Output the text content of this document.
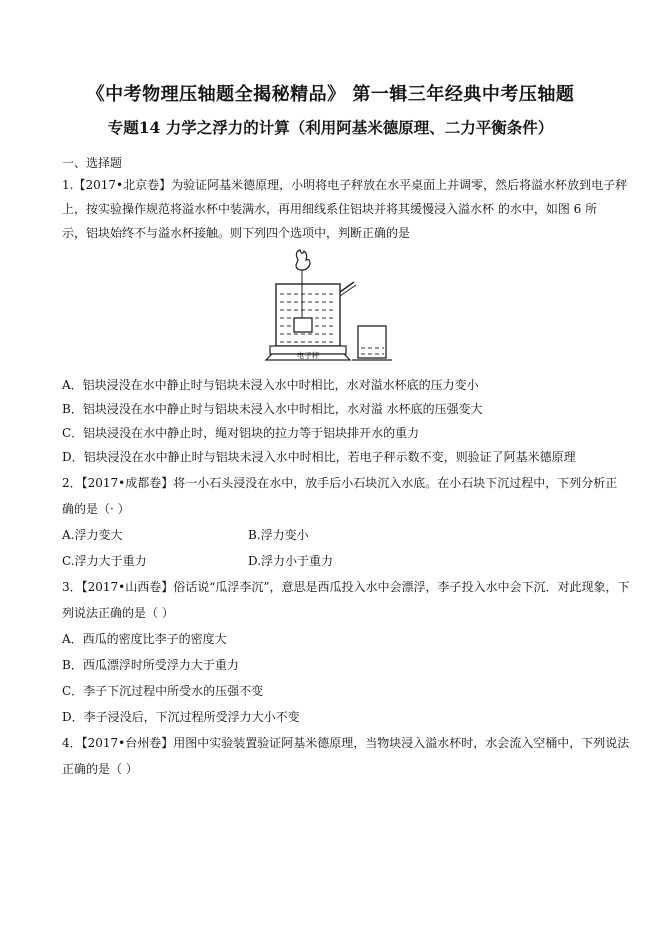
《中考物理压轴题全揭秘精品》 第一辑三年经典中考压轴题
专题14 力学之浮力的计算（利用阿基米德原理、二力平衡条件）
一、选择题
1.【2017•北京卷】为验证阿基米德原理，小明将电子秤放在水平桌面上并调零，然后将溢水杯放到电子秤
上，按实验操作规范将溢水杯中装满水，再用细线系住铝块并将其缓慢浸入溢水杯 的水中，如图 6 所
示，铝块始终不与溢水杯接触。则下列四个选项中，判断正确的是
电子秤
A．铝块浸没在水中静止时与铝块未浸入水中时相比，水对溢水杯底的压力变小
B．铝块浸没在水中静止时与铝块未浸入水中时相比，水对溢 水杯底的压强变大
C．铝块浸没在水中静止时，绳对铝块的拉力等于铝块排开水的重力
D．铝块浸没在水中静止时与铝块未浸入水中时相比，若电子秤示数不变，则验证了阿基米德原理
2．【2017•成都卷】将一小石头浸没在水中，放手后小石块沉入水底。在小石块下沉过程中，下列分析正
确的是（· ）
A.浮力变大	B.浮力变小
C.浮力大于重力	D.浮力小于重力
3．【2017•山西卷】俗话说“瓜浮李沉”，意思是西瓜投入水中会漂浮，李子投入水中会下沉．对此现象，下
列说法正确的是（ ）
A．西瓜的密度比李子的密度大
B．西瓜漂浮时所受浮力大于重力
C．李子下沉过程中所受水的压强不变
D．李子浸没后，下沉过程所受浮力大小不变
4．【2017•台州卷】用图中实验装置验证阿基米德原理，当物块浸入溢水杯时，水会流入空桶中，下列说法
正确的是（ ）
